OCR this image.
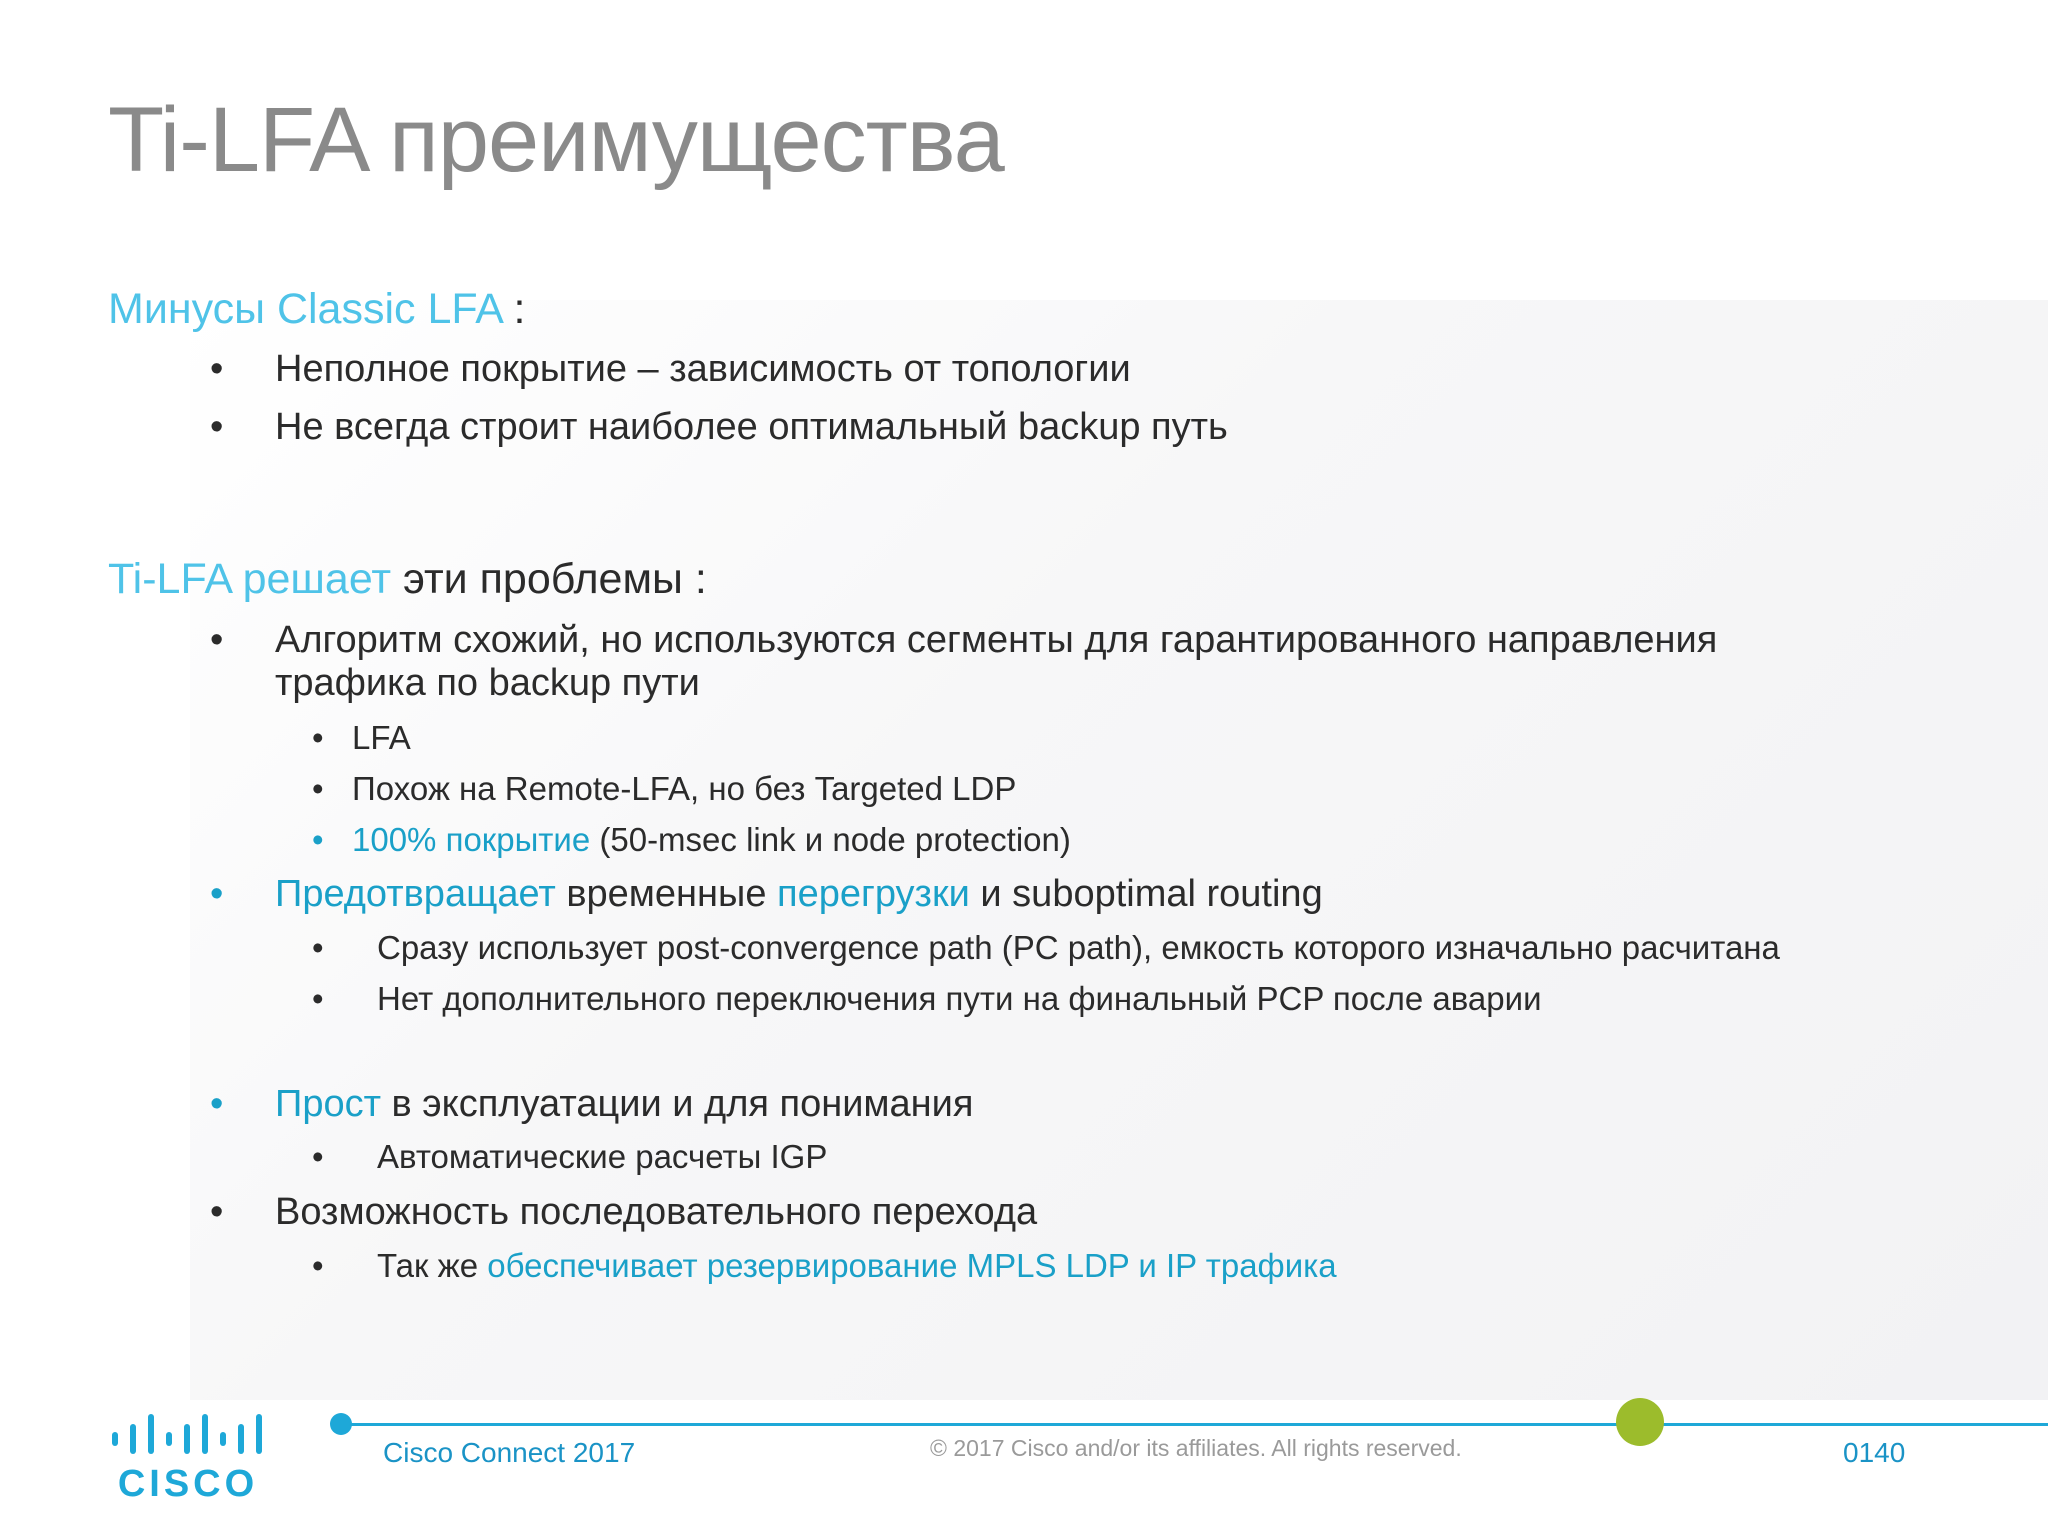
Ti-LFA преимущества
Минусы Classic LFA :
• Неполное покрытие – зависимость от топологии
• Не всегда строит наиболее оптимальный backup путь
Ti-LFA решает эти проблемы :
• Алгоритм схожий, но используются сегменты для гарантированного направления
трафика по backup пути
• LFA
• Похож на Remote-LFA, но без Targeted LDP
• 100% покрытие (50-msec link и node protection)
• Предотвращает временные перегрузки и suboptimal routing
• Сразу использует post-convergence path (PC path), емкость которого изначально расчитана
• Нет дополнительного переключения пути на финальный PCP после аварии
• Прост в эксплуатации и для понимания
• Автоматические расчеты IGP
• Возможность последовательного перехода
• Так же обеспечивает резервирование MPLS LDP и IP трафика
Cisco Connect 2017	© 2017 Cisco and/or its affiliates. All rights reserved.	0140
CISCO
